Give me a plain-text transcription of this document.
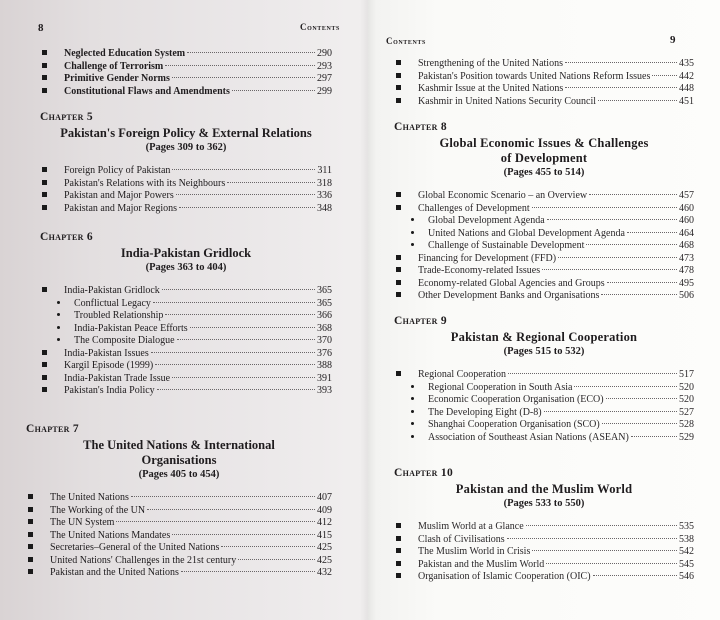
8	Contents
Neglected Education System	290
Challenge of Terrorism	293
Primitive Gender Norms	297
Constitutional Flaws and Amendments	299
Chapter 5
Pakistan's Foreign Policy & External Relations
(Pages 309 to 362)
Foreign Policy of Pakistan	311
Pakistan's Relations with its Neighbours	318
Pakistan and Major Powers	336
Pakistan and Major Regions	348
Chapter 6
India-Pakistan Gridlock
(Pages 363 to 404)
India-Pakistan Gridlock	365
Conflictual Legacy	365
Troubled Relationship	366
India-Pakistan Peace Efforts	368
The Composite Dialogue	370
India-Pakistan Issues	376
Kargil Episode (1999)	388
India-Pakistan Trade Issue	391
Pakistan's India Policy	393
Chapter 7
The United Nations & International
Organisations
(Pages 405 to 454)
The United Nations	407
The Working of the UN	409
The UN System	412
The United Nations Mandates	415
Secretaries–General of the United Nations	425
United Nations' Challenges in the 21st century	425
Pakistan and the United Nations	432
Contents	9
Strengthening of the United Nations	435
Pakistan's Position towards United Nations Reform Issues	442
Kashmir Issue at the United Nations	448
Kashmir in United Nations Security Council	451
Chapter 8
Global Economic Issues & Challenges
of Development
(Pages 455 to 514)
Global Economic Scenario – an Overview	457
Challenges of Development	460
Global Development Agenda	460
United Nations and Global Development Agenda	464
Challenge of Sustainable Development	468
Financing for Development (FFD)	473
Trade-Economy-related Issues	478
Economy-related Global Agencies and Groups	495
Other Development Banks and Organisations	506
Chapter 9
Pakistan & Regional Cooperation
(Pages 515 to 532)
Regional Cooperation	517
Regional Cooperation in South Asia	520
Economic Cooperation Organisation (ECO)	520
The Developing Eight (D-8)	527
Shanghai Cooperation Organisation (SCO)	528
Association of Southeast Asian Nations (ASEAN)	529
Chapter 10
Pakistan and the Muslim World
(Pages 533 to 550)
Muslim World at a Glance	535
Clash of Civilisations	538
The Muslim World in Crisis	542
Pakistan and the Muslim World	545
Organisation of Islamic Cooperation (OIC)	546
